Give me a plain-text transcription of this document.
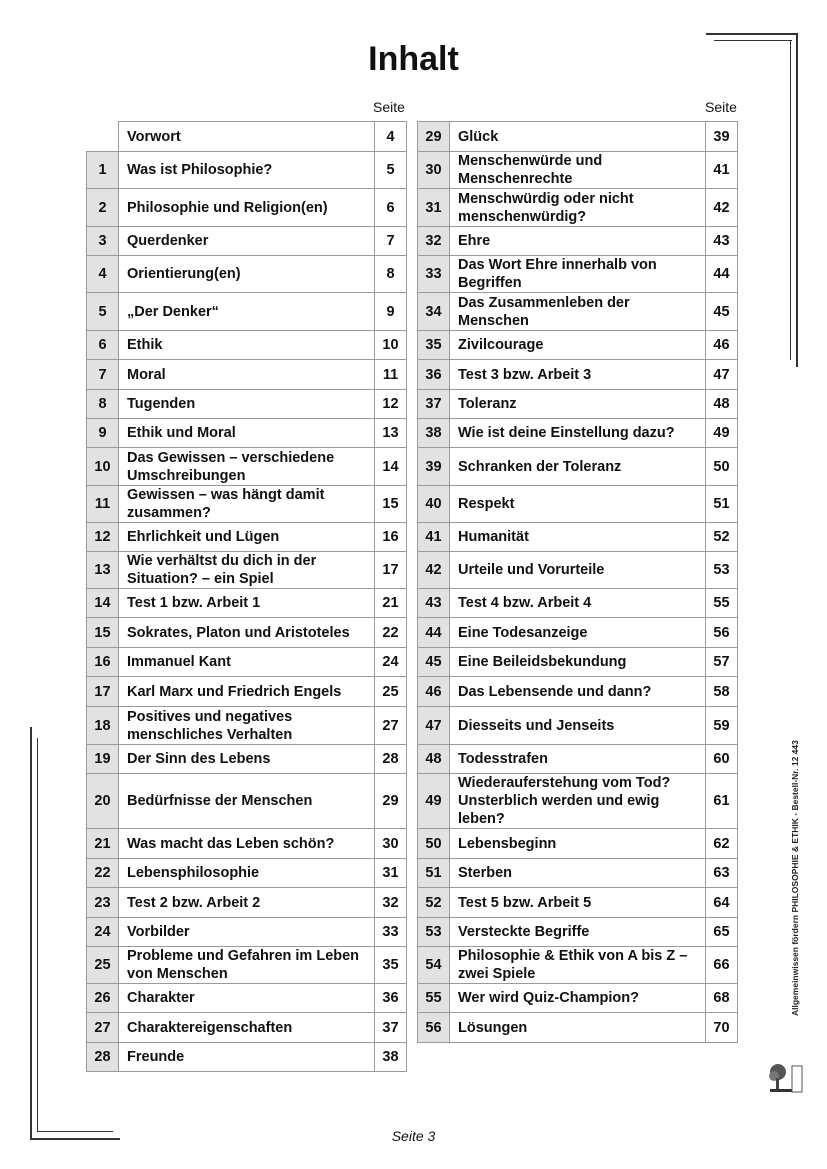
Inhalt
Seite	Seite
	Vorwort	4
1	Was ist Philosophie?	5
2	Philosophie und Religion(en)	6
3	Querdenker	7
4	Orientierung(en)	8
5	„Der Denker“	9
6	Ethik	10
7	Moral	11
8	Tugenden	12
9	Ethik und Moral	13
10	Das Gewissen – verschiedene Umschreibungen	14
11	Gewissen – was hängt damit zusammen?	15
12	Ehrlichkeit und Lügen	16
13	Wie verhältst du dich in der Situation? – ein Spiel	17
14	Test 1 bzw. Arbeit 1	21
15	Sokrates, Platon und Aristoteles	22
16	Immanuel Kant	24
17	Karl Marx und Friedrich Engels	25
18	Positives und negatives menschliches Verhalten	27
19	Der Sinn des Lebens	28
20	Bedürfnisse der Menschen	29
21	Was macht das Leben schön?	30
22	Lebensphilosophie	31
23	Test 2 bzw. Arbeit 2	32
24	Vorbilder	33
25	Probleme und Gefahren im Leben von Menschen	35
26	Charakter	36
27	Charaktereigenschaften	37
28	Freunde	38
29	Glück	39
30	Menschenwürde und Menschenrechte	41
31	Menschwürdig oder nicht menschenwürdig?	42
32	Ehre	43
33	Das Wort Ehre innerhalb von Begriffen	44
34	Das Zusammenleben der Menschen	45
35	Zivilcourage	46
36	Test 3 bzw. Arbeit 3	47
37	Toleranz	48
38	Wie ist deine Einstellung dazu?	49
39	Schranken der Toleranz	50
40	Respekt	51
41	Humanität	52
42	Urteile und Vorurteile	53
43	Test 4 bzw. Arbeit 4	55
44	Eine Todesanzeige	56
45	Eine Beileidsbekundung	57
46	Das Lebensende und dann?	58
47	Diesseits und Jenseits	59
48	Todesstrafen	60
49	Wiederauferstehung vom Tod? Unsterblich werden und ewig leben?	61
50	Lebensbeginn	62
51	Sterben	63
52	Test 5 bzw. Arbeit 5	64
53	Versteckte Begriffe	65
54	Philosophie & Ethik von A bis Z – zwei Spiele	66
55	Wer wird Quiz-Champion?	68
56	Lösungen	70
Allgemeinwissen fördern PHILOSOPHIE & ETHIK - Bestell-Nr. 12 443
Seite 3
